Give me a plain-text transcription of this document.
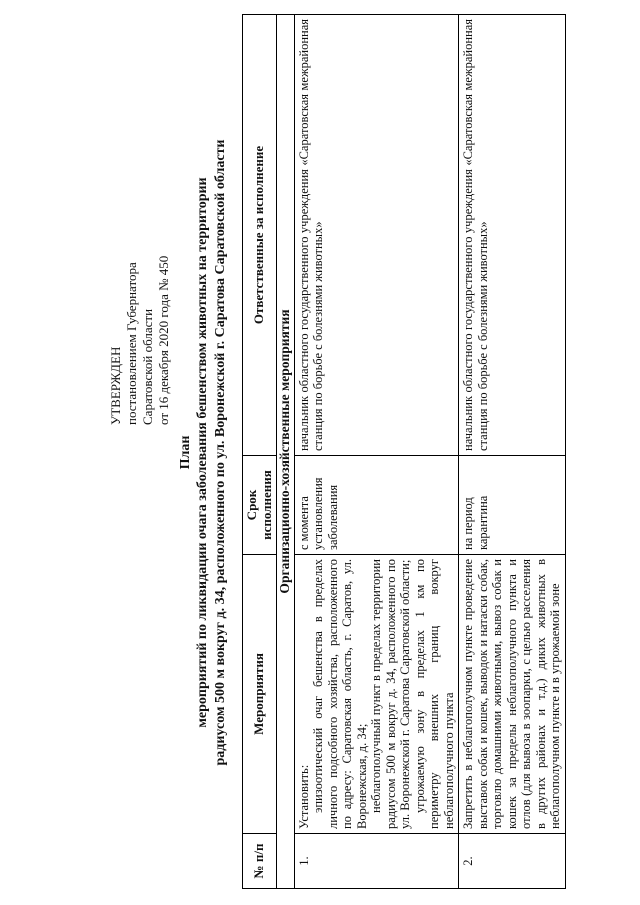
УТВЕРЖДЕН постановлением Губернатора Саратовской области от 16 декабря 2020 года № 450
План мероприятий по ликвидации очага заболевания бешенством животных на территории радиусом 500 м вокруг д. 34, расположенного по ул. Воронежской г. Саратова Саратовской области
№ п/п	Мероприятия	Срок исполнения	Ответственные за исполнение
Организационно-хозяйственные мероприятия			
1.	Установить: эпизоотический очаг бешенства в пределах личного подсобного хозяйства, расположенного по адресу: Саратовская область, г. Саратов, ул. Воронежская, д. 34; неблагополучный пункт в пределах территории радиусом 500 м вокруг д. 34, расположенного по ул. Воронежской г. Саратова Саратовской области; угрожаемую зону в пределах 1 км по периметру внешних границ вокруг неблагополучного пункта	с момента установления заболевания	начальник областного государственного учреждения «Саратовская межрайонная станция по борьбе с болезнями животных»
2.	Запретить в неблагополучном пункте проведение выставок собак и кошек, выводок и натаски собак, торговлю домашними животными, вывоз собак и кошек за пределы неблагополучного пункта и отлов (для вывоза в зоопарки, с целью расселения в других районах и т.д.) диких животных в неблагополучном пункте и в угрожаемой зоне	на период карантина	начальник областного государственного учреждения «Саратовская межрайонная станция по борьбе с болезнями животных»
